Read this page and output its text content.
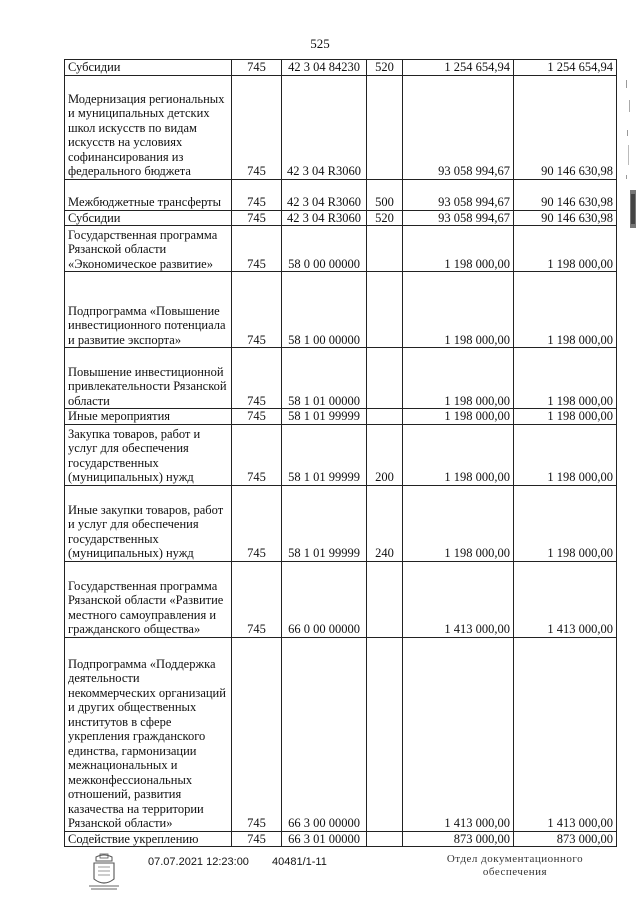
525
Субсидии	745	42 3 04 84230	520	1 254 654,94	1 254 654,94
Модернизация региональных и муниципальных детских школ искусств по видам искусств на условиях софинансирования из федерального бюджета	745	42 3 04 R3060		93 058 994,67	90 146 630,98
Межбюджетные трансферты	745	42 3 04 R3060	500	93 058 994,67	90 146 630,98
Субсидии	745	42 3 04 R3060	520	93 058 994,67	90 146 630,98
Государственная программа Рязанской области «Экономическое развитие»	745	58 0 00 00000		1 198 000,00	1 198 000,00
Подпрограмма «Повышение инвестиционного потенциала и развитие экспорта»	745	58 1 00 00000		1 198 000,00	1 198 000,00
Повышение инвестиционной привлекательности Рязанской области	745	58 1 01 00000		1 198 000,00	1 198 000,00
Иные мероприятия	745	58 1 01 99999		1 198 000,00	1 198 000,00
Закупка товаров, работ и услуг для обеспечения государственных (муниципальных) нужд	745	58 1 01 99999	200	1 198 000,00	1 198 000,00
Иные закупки товаров, работ и услуг для обеспечения государственных (муниципальных) нужд	745	58 1 01 99999	240	1 198 000,00	1 198 000,00
Государственная программа Рязанской области «Развитие местного самоуправления и гражданского общества»	745	66 0 00 00000		1 413 000,00	1 413 000,00
Подпрограмма «Поддержка деятельности некоммерческих организаций и других общественных институтов в сфере укрепления гражданского единства, гармонизации межнациональных и межконфессиональных отношений, развития казачества на территории Рязанской области»	745	66 3 00 00000		1 413 000,00	1 413 000,00
Содействие укреплению	745	66 3 01 00000		873 000,00	873 000,00
07.07.2021 12:23:00 40481/1-11	Отдел документационного обеспечения
